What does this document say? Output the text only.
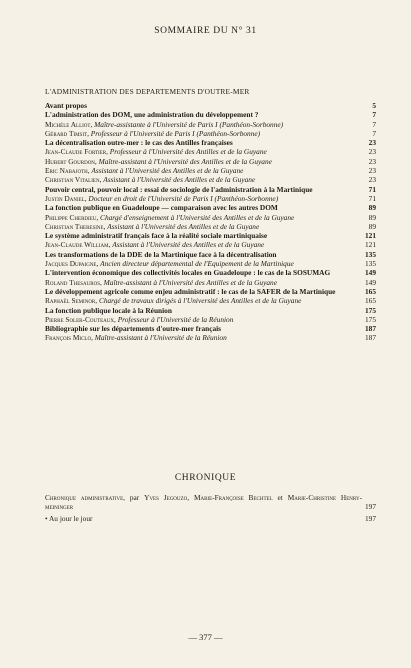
SOMMAIRE DU N° 31
L'ADMINISTRATION DES DEPARTEMENTS D'OUTRE-MER
Avant propos	5
L'administration des DOM, une administration du développement ?	7
Michèle Alliot, Maître-assistante à l'Université de Paris I (Panthéon-Sorbonne)	7
Gérard Timsit, Professeur à l'Université de Paris I (Panthéon-Sorbonne)	7
La décentralisation outre-mer : le cas des Antilles françaises	23
Jean-Claude Fortier, Professeur à l'Université des Antilles et de la Guyane	23
Hubert Gourdon, Maître-assistant à l'Université des Antilles et de la Guyane	23
Eric Nabajoth, Assistant à l'Université des Antilles et de la Guyane	23
Christian Vitalien, Assistant à l'Université des Antilles et de la Guyane	23
Pouvoir central, pouvoir local : essai de sociologie de l'administration à la Martinique	71
Justin Daniel, Docteur en droit de l'Université de Paris I (Panthéon-Sorbonne)	71
La fonction publique en Guadeloupe — comparaison avec les autres DOM	89
Philippe Cherdieu, Chargé d'enseignement à l'Université des Antilles et de la Guyane	89
Christian Theresine, Assistant à l'Université des Antilles et de la Guyane	89
Le système administratif français face à la réalité sociale martiniquaise	121
Jean-Claude William, Assistant à l'Université des Antilles et de la Guyane	121
Les transformations de la DDE de la Martinique face à la décentralisation	135
Jacques Dupaigne, Ancien directeur départemental de l'Equipement de la Martinique	135
L'intervention économique des collectivités locales en Guadeloupe : le cas de la SOSUMAG	149
Roland Thesauros, Maître-assistant à l'Université des Antilles et de la Guyane	149
Le développement agricole comme enjeu administratif : le cas de la SAFER de la Martinique	165
Raphaël Seminor, Chargé de travaux dirigés à l'Université des Antilles et de la Guyane	165
La fonction publique locale à la Réunion	175
Pierre Soler-Couteaux, Professeur à l'Université de la Réunion	175
Bibliographie sur les départements d'outre-mer français	187
François Miclo, Maître-assistant à l'Université de la Réunion	187
CHRONIQUE
Chronique administrative, par Yves Jegouzo, Marie-Françoise Bechtel et Marie-Christine Henry-meininger	197
• Au jour le jour	197
— 377 —
